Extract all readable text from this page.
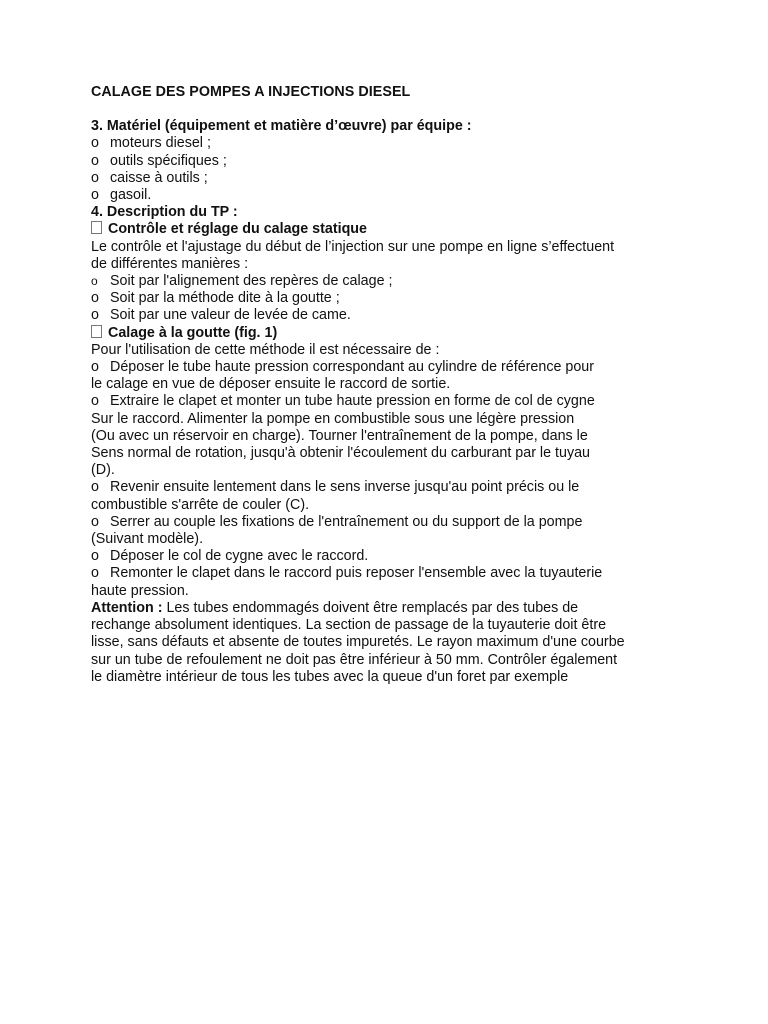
CALAGE DES POMPES A INJECTIONS DIESEL
3. Matériel (équipement et matière d’œuvre) par équipe :
o moteurs diesel ;
o outils spécifiques ;
o caisse à outils ;
o gasoil.
4. Description du TP :
Contrôle et réglage du calage statique
Le contrôle et l'ajustage du début de l’injection sur une pompe en ligne s’effectuent
de différentes manières :
o Soit par l'alignement des repères de calage ;
o Soit par la méthode dite à la goutte ;
o Soit par une valeur de levée de came.
Calage à la goutte (fig. 1)
Pour l'utilisation de cette méthode il est nécessaire de :
o Déposer le tube haute pression correspondant au cylindre de référence pour
le calage en vue de déposer ensuite le raccord de sortie.
o Extraire le clapet et monter un tube haute pression en forme de col de cygne
Sur le raccord. Alimenter la pompe en combustible sous une légère pression
(Ou avec un réservoir en charge). Tourner l'entraînement de la pompe, dans le
Sens normal de rotation, jusqu'à obtenir l'écoulement du carburant par le tuyau
(D).
o Revenir ensuite lentement dans le sens inverse jusqu'au point précis ou le
combustible s'arrête de couler (C).
o Serrer au couple les fixations de l'entraînement ou du support de la pompe
(Suivant modèle).
o Déposer le col de cygne avec le raccord.
o Remonter le clapet dans le raccord puis reposer l'ensemble avec la tuyauterie
haute pression.
Attention : Les tubes endommagés doivent être remplacés par des tubes de
rechange absolument identiques. La section de passage de la tuyauterie doit être
lisse, sans défauts et absente de toutes impuretés. Le rayon maximum d'une courbe
sur un tube de refoulement ne doit pas être inférieur à 50 mm. Contrôler également
le diamètre intérieur de tous les tubes avec la queue d'un foret par exemple
